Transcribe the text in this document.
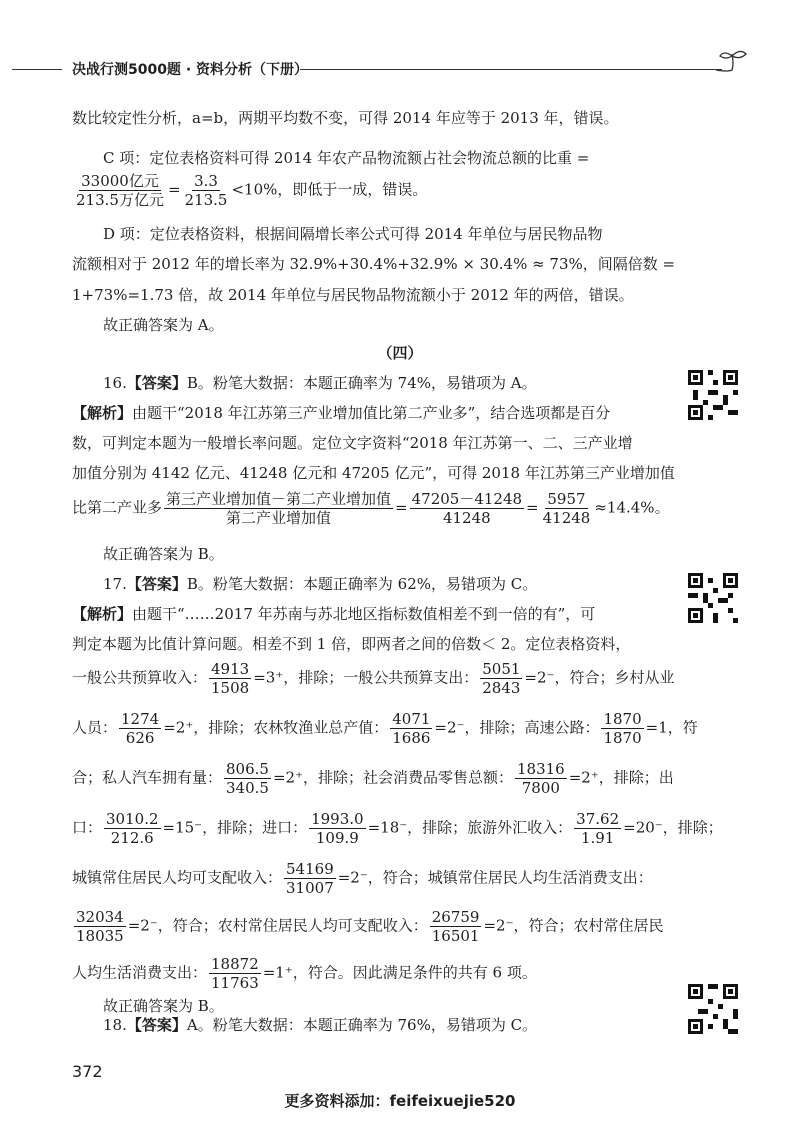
决战行测5000题 · 资料分析（下册）
数比较定性分析，a=b，两期平均数不变，可得 2014 年应等于 2013 年，错误。
C 项：定位表格资料可得 2014 年农产品物流额占社会物流总额的比重 =
$\frac{\text{33000亿元}}{\text{213.5万亿元}} = \frac{3.3}{213.5} <10\%$，即低于一成，错误。
D 项：定位表格资料，根据间隔增长率公式可得 2014 年单位与居民物品物
流额相对于 2012 年的增长率为 32.9%+30.4%+32.9% × 30.4% ≈ 73%，间隔倍数 =
1+73%=1.73 倍，故 2014 年单位与居民物品物流额小于 2012 年的两倍，错误。
故正确答案为 A。
（四）
16.【答案】B。粉笔大数据：本题正确率为 74%，易错项为 A。
【解析】由题干“2018 年江苏第三产业增加值比第二产业多”，结合选项都是百分
数，可判定本题为一般增长率问题。定位文字资料“2018 年江苏第一、二、三产业增
加值分别为 4142 亿元、41248 亿元和 47205 亿元”，可得 2018 年江苏第三产业增加值
比第二产业多 $\frac{\text{第三产业增加值－第二产业增加值}}{\text{第二产业增加值}} = \frac{47205-41248}{41248} = \frac{5957}{41248} \approx 14.4\%$。
故正确答案为 B。
17.【答案】B。粉笔大数据：本题正确率为 62%，易错项为 C。
【解析】由题干“……2017 年苏南与苏北地区指标数值相差不到一倍的有”，可
判定本题为比值计算问题。相差不到 1 倍，即两者之间的倍数＜ 2。定位表格资料，
一般公共预算收入： $\frac{4913}{1508} =3^+$，排除；一般公共预算支出： $\frac{5051}{2843} =2^-$，符合；乡村从业
人员： $\frac{1274}{626} =2^+$，排除；农林牧渔业总产值： $\frac{4071}{1686} =2^-$，排除；高速公路： $\frac{1870}{1870} =1$，符
合；私人汽车拥有量： $\frac{806.5}{340.5} =2^+$，排除；社会消费品零售总额： $\frac{18316}{7800} =2^+$，排除；出
口： $\frac{3010.2}{212.6} =15^-$，排除；进口： $\frac{1993.0}{109.9} =18^-$，排除；旅游外汇收入： $\frac{37.62}{1.91} =20^-$，排除；
城镇常住居民人均可支配收入： $\frac{54169}{31007} =2^-$，符合；城镇常住居民人均生活消费支出：
$\frac{32034}{18035} =2^-$，符合；农村常住居民人均可支配收入： $\frac{26759}{16501} =2^-$，符合；农村常住居民
人均生活消费支出： $\frac{18872}{11763} =1^+$，符合。因此满足条件的共有 6 项。
故正确答案为 B。
18.【答案】A。粉笔大数据：本题正确率为 76%，易错项为 C。
372
更多资料添加：feifeixuejie520
